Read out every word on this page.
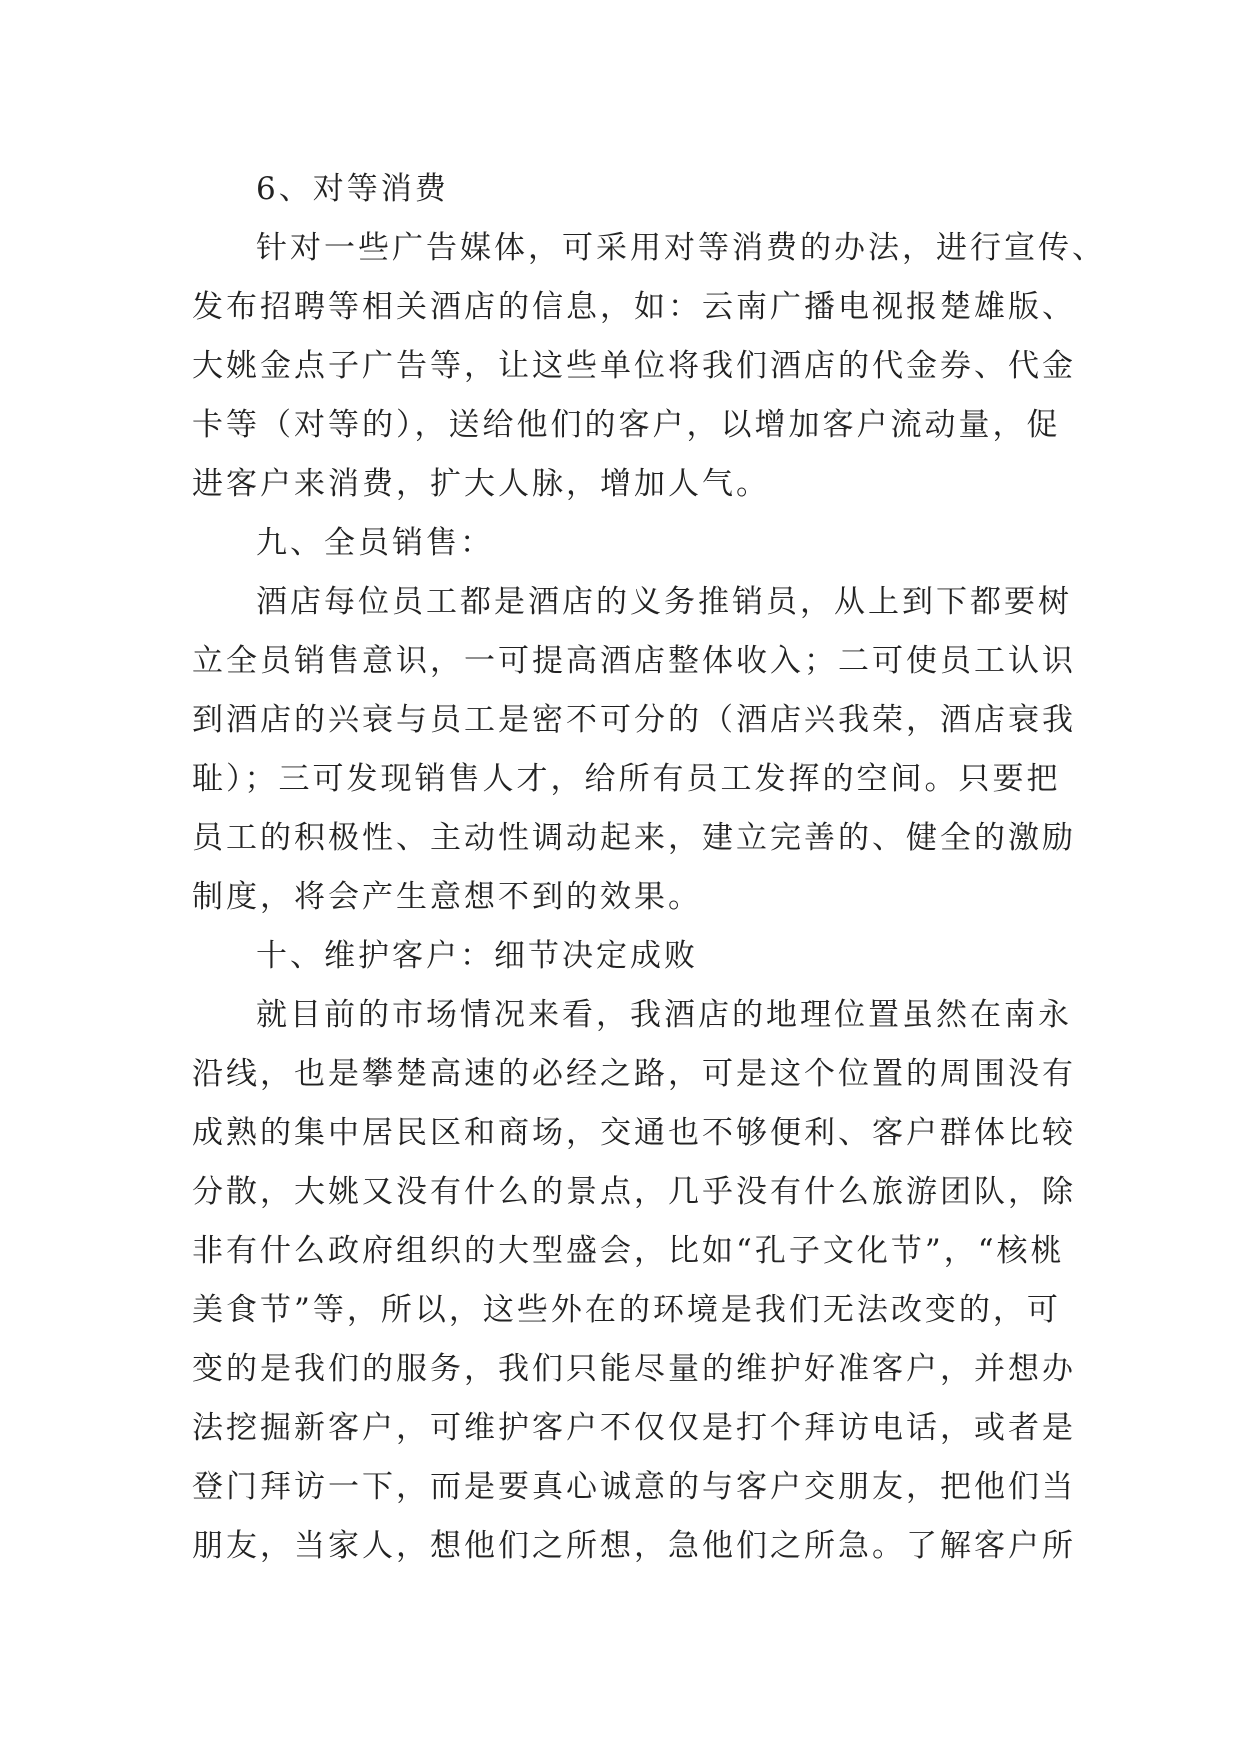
6、对等消费
针对一些广告媒体，可采用对等消费的办法，进行宣传、
发布招聘等相关酒店的信息，如：云南广播电视报楚雄版、
大姚金点子广告等，让这些单位将我们酒店的代金券、代金
卡等（对等的），送给他们的客户，以增加客户流动量，促
进客户来消费，扩大人脉，增加人气。
九、全员销售：
酒店每位员工都是酒店的义务推销员，从上到下都要树
立全员销售意识，一可提高酒店整体收入；二可使员工认识
到酒店的兴衰与员工是密不可分的（酒店兴我荣，酒店衰我
耻）；三可发现销售人才，给所有员工发挥的空间。只要把
员工的积极性、主动性调动起来，建立完善的、健全的激励
制度，将会产生意想不到的效果。
十、维护客户：细节决定成败
就目前的市场情况来看，我酒店的地理位置虽然在南永
沿线，也是攀楚高速的必经之路，可是这个位置的周围没有
成熟的集中居民区和商场，交通也不够便利、客户群体比较
分散，大姚又没有什么的景点，几乎没有什么旅游团队，除
非有什么政府组织的大型盛会，比如“孔子文化节”，“核桃
美食节”等，所以，这些外在的环境是我们无法改变的，可
变的是我们的服务，我们只能尽量的维护好准客户，并想办
法挖掘新客户，可维护客户不仅仅是打个拜访电话，或者是
登门拜访一下，而是要真心诚意的与客户交朋友，把他们当
朋友，当家人，想他们之所想，急他们之所急。了解客户所
